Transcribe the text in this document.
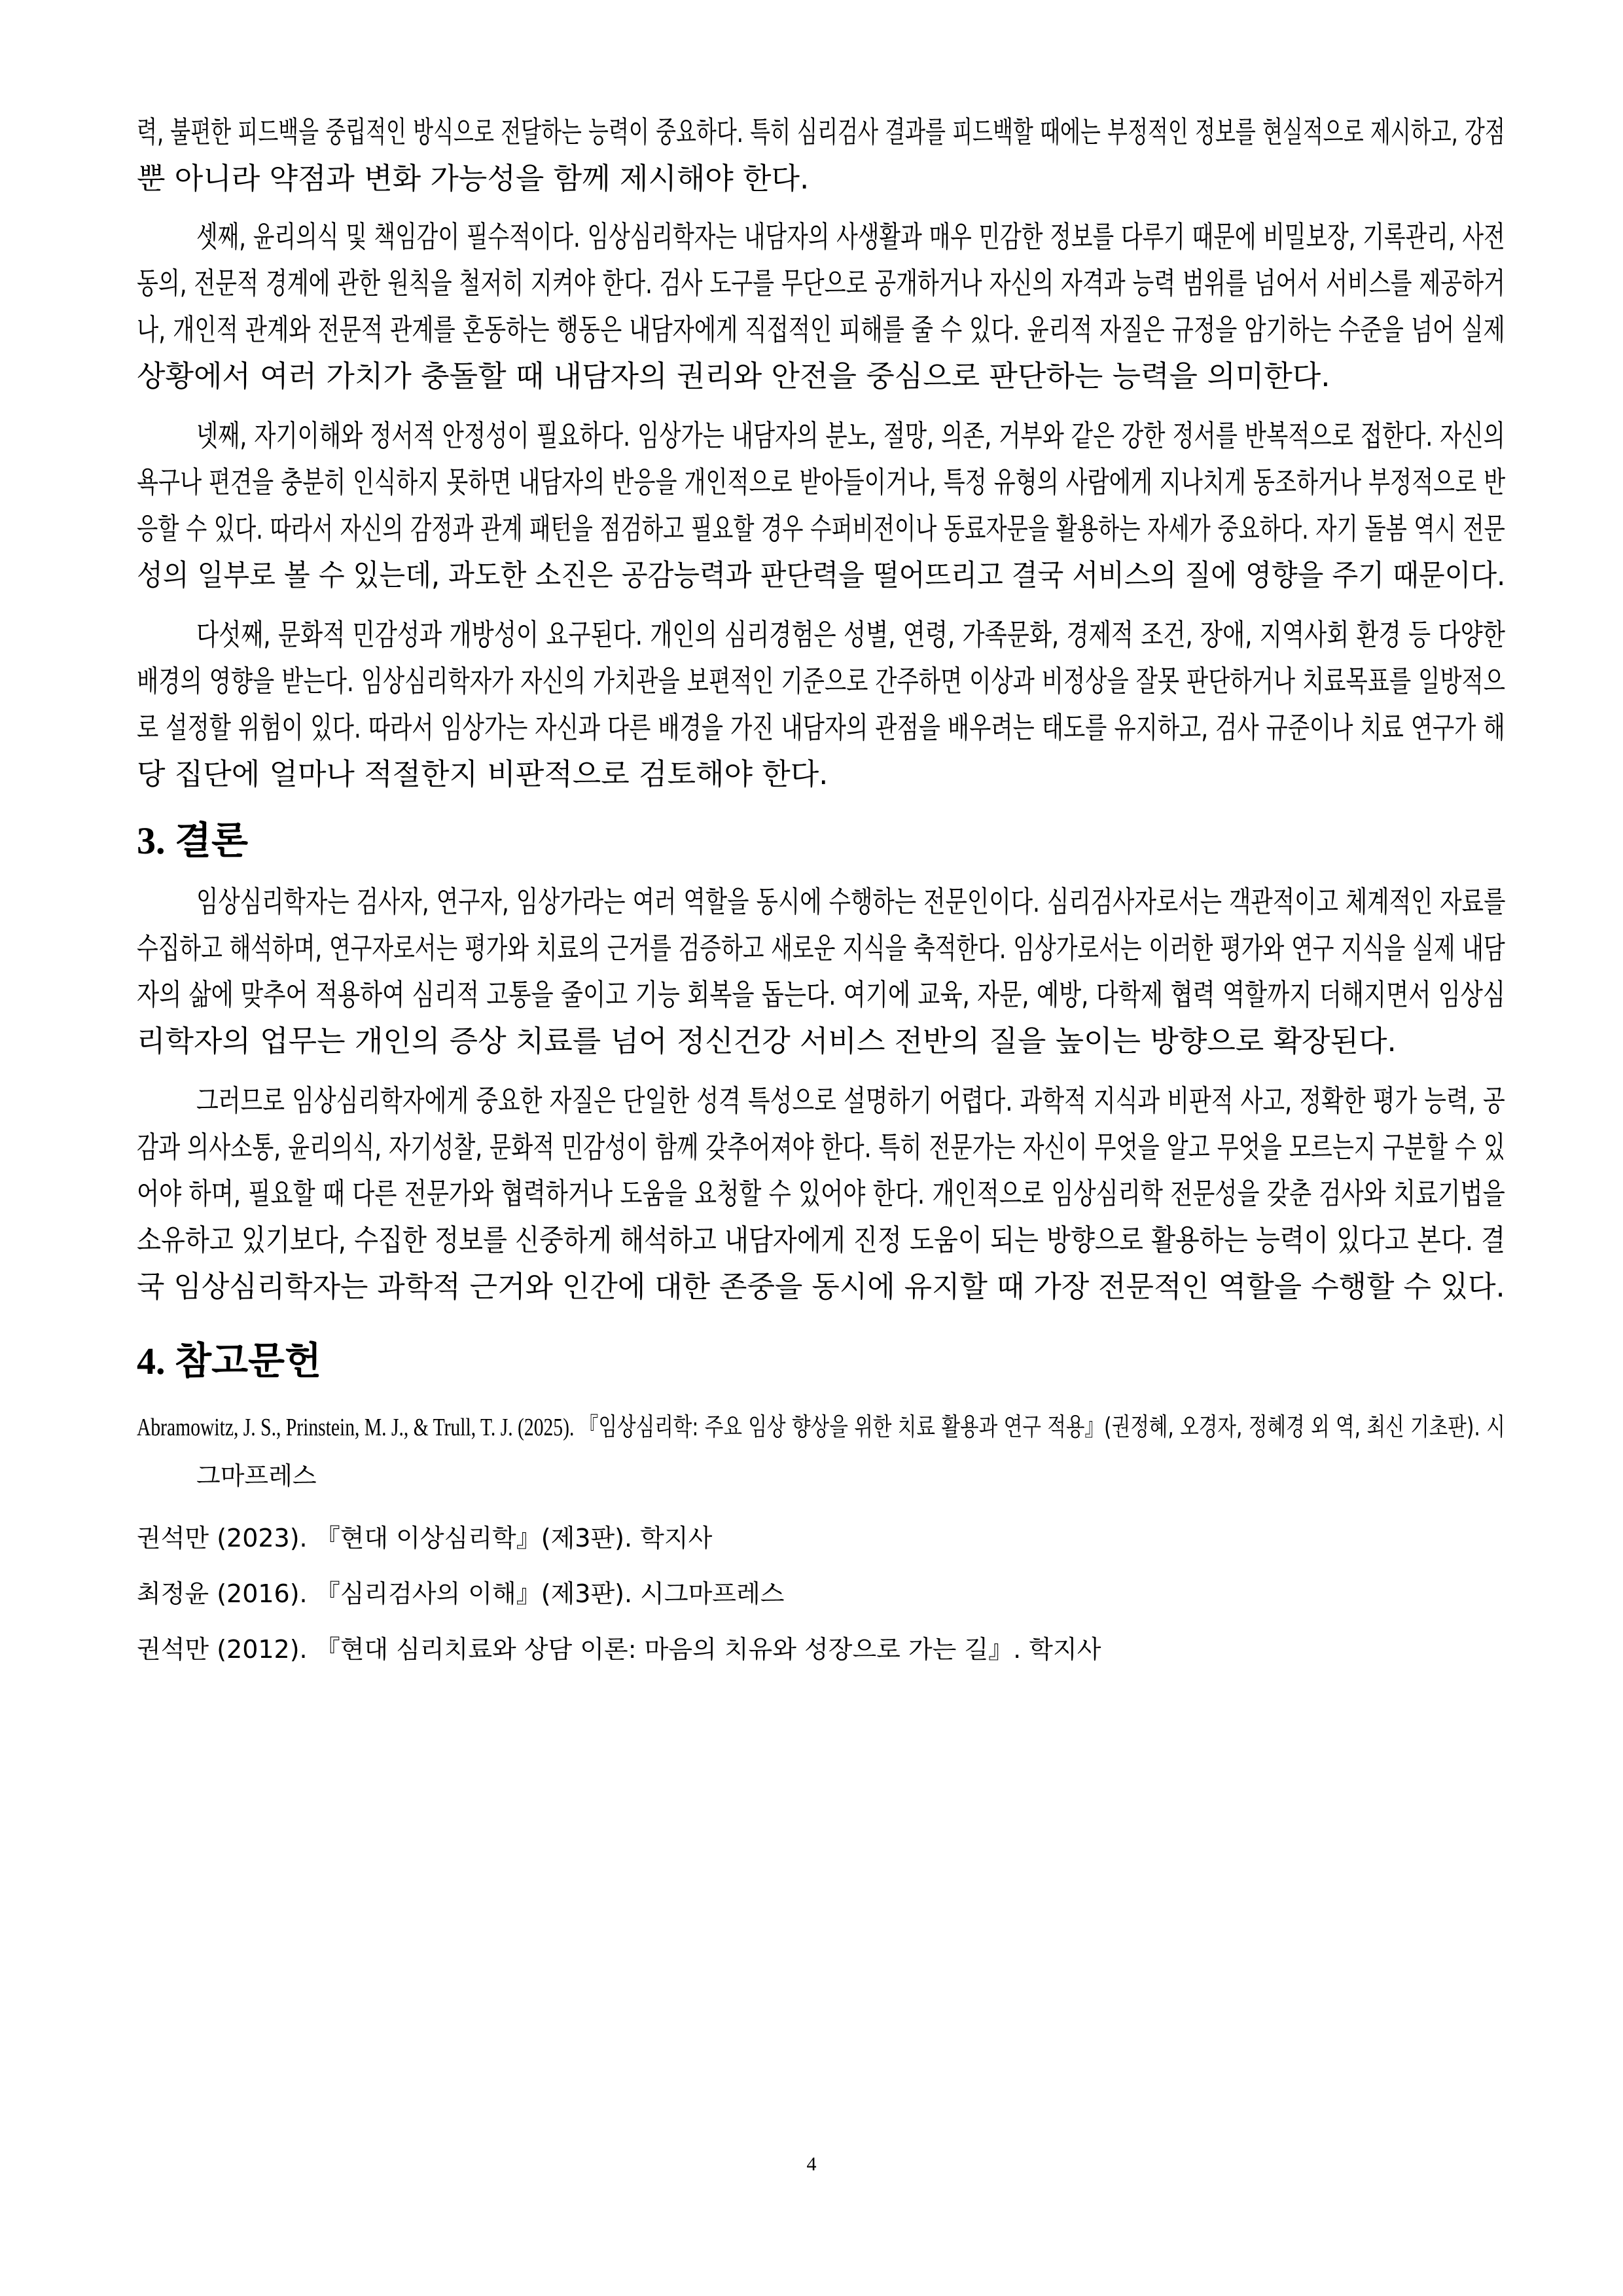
력, 불편한 피드백을 중립적인 방식으로 전달하는 능력이 중요하다. 특히 심리검사 결과를 피드백할 때에는 부정적인 정보를 현실적으로 제시하고, 강점
뿐 아니라 약점과 변화 가능성을 함께 제시해야 한다.
셋째, 윤리의식 및 책임감이 필수적이다. 임상심리학자는 내담자의 사생활과 매우 민감한 정보를 다루기 때문에 비밀보장, 기록관리, 사전
동의, 전문적 경계에 관한 원칙을 철저히 지켜야 한다. 검사 도구를 무단으로 공개하거나 자신의 자격과 능력 범위를 넘어서 서비스를 제공하거
나, 개인적 관계와 전문적 관계를 혼동하는 행동은 내담자에게 직접적인 피해를 줄 수 있다. 윤리적 자질은 규정을 암기하는 수준을 넘어 실제
상황에서 여러 가치가 충돌할 때 내담자의 권리와 안전을 중심으로 판단하는 능력을 의미한다.
넷째, 자기이해와 정서적 안정성이 필요하다. 임상가는 내담자의 분노, 절망, 의존, 거부와 같은 강한 정서를 반복적으로 접한다. 자신의
욕구나 편견을 충분히 인식하지 못하면 내담자의 반응을 개인적으로 받아들이거나, 특정 유형의 사람에게 지나치게 동조하거나 부정적으로 반
응할 수 있다. 따라서 자신의 감정과 관계 패턴을 점검하고 필요할 경우 수퍼비전이나 동료자문을 활용하는 자세가 중요하다. 자기 돌봄 역시 전문
성의 일부로 볼 수 있는데, 과도한 소진은 공감능력과 판단력을 떨어뜨리고 결국 서비스의 질에 영향을 주기 때문이다.
다섯째, 문화적 민감성과 개방성이 요구된다. 개인의 심리경험은 성별, 연령, 가족문화, 경제적 조건, 장애, 지역사회 환경 등 다양한
배경의 영향을 받는다. 임상심리학자가 자신의 가치관을 보편적인 기준으로 간주하면 이상과 비정상을 잘못 판단하거나 치료목표를 일방적으
로 설정할 위험이 있다. 따라서 임상가는 자신과 다른 배경을 가진 내담자의 관점을 배우려는 태도를 유지하고, 검사 규준이나 치료 연구가 해
당 집단에 얼마나 적절한지 비판적으로 검토해야 한다.
3. 결론
임상심리학자는 검사자, 연구자, 임상가라는 여러 역할을 동시에 수행하는 전문인이다. 심리검사자로서는 객관적이고 체계적인 자료를
수집하고 해석하며, 연구자로서는 평가와 치료의 근거를 검증하고 새로운 지식을 축적한다. 임상가로서는 이러한 평가와 연구 지식을 실제 내담
자의 삶에 맞추어 적용하여 심리적 고통을 줄이고 기능 회복을 돕는다. 여기에 교육, 자문, 예방, 다학제 협력 역할까지 더해지면서 임상심
리학자의 업무는 개인의 증상 치료를 넘어 정신건강 서비스 전반의 질을 높이는 방향으로 확장된다.
그러므로 임상심리학자에게 중요한 자질은 단일한 성격 특성으로 설명하기 어렵다. 과학적 지식과 비판적 사고, 정확한 평가 능력, 공
감과 의사소통, 윤리의식, 자기성찰, 문화적 민감성이 함께 갖추어져야 한다. 특히 전문가는 자신이 무엇을 알고 무엇을 모르는지 구분할 수 있
어야 하며, 필요할 때 다른 전문가와 협력하거나 도움을 요청할 수 있어야 한다. 개인적으로 임상심리학 전문성을 갖춘 검사와 치료기법을
소유하고 있기보다, 수집한 정보를 신중하게 해석하고 내담자에게 진정 도움이 되는 방향으로 활용하는 능력이 있다고 본다. 결
국 임상심리학자는 과학적 근거와 인간에 대한 존중을 동시에 유지할 때 가장 전문적인 역할을 수행할 수 있다.
4. 참고문헌
Abramowitz, J. S., Prinstein, M. J., & Trull, T. J. (2025). 『임상심리학: 주요 임상 향상을 위한 치료 활용과 연구 적용』(권정혜, 오경자, 정혜경 외 역, 최신 기초판). 시
그마프레스
권석만 (2023). 『현대 이상심리학』(제3판). 학지사
최정윤 (2016). 『심리검사의 이해』(제3판). 시그마프레스
권석만 (2012). 『현대 심리치료와 상담 이론: 마음의 치유와 성장으로 가는 길』. 학지사
4
